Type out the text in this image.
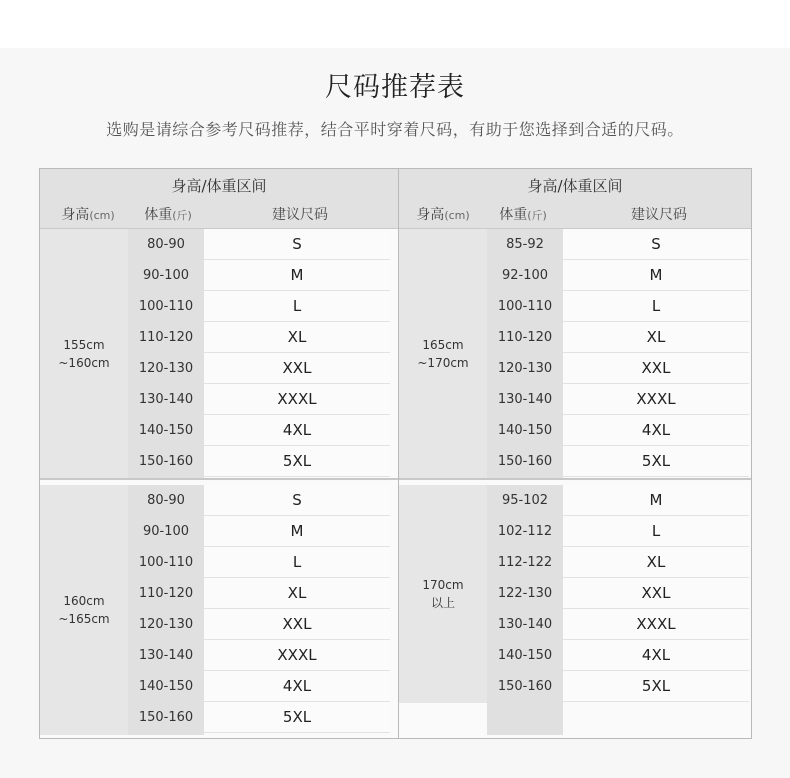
尺码推荐表
选购是请综合参考尺码推荐，结合平时穿着尺码，有助于您选择到合适的尺码。
身高/体重区间
身高(cm)	体重(斤)	建议尺码
155cm
~160cm
80-90	S
90-100	M
100-110	L
110-120	XL
120-130	XXL
130-140	XXXL
140-150	4XL
150-160	5XL
身高/体重区间
身高(cm)	体重(斤)	建议尺码
165cm
~170cm
85-92	S
92-100	M
100-110	L
110-120	XL
120-130	XXL
130-140	XXXL
140-150	4XL
150-160	5XL
160cm
~165cm
80-90	S
90-100	M
100-110	L
110-120	XL
120-130	XXL
130-140	XXXL
140-150	4XL
150-160	5XL
170cm
以上
95-102	M
102-112	L
112-122	XL
122-130	XXL
130-140	XXXL
140-150	4XL
150-160	5XL
